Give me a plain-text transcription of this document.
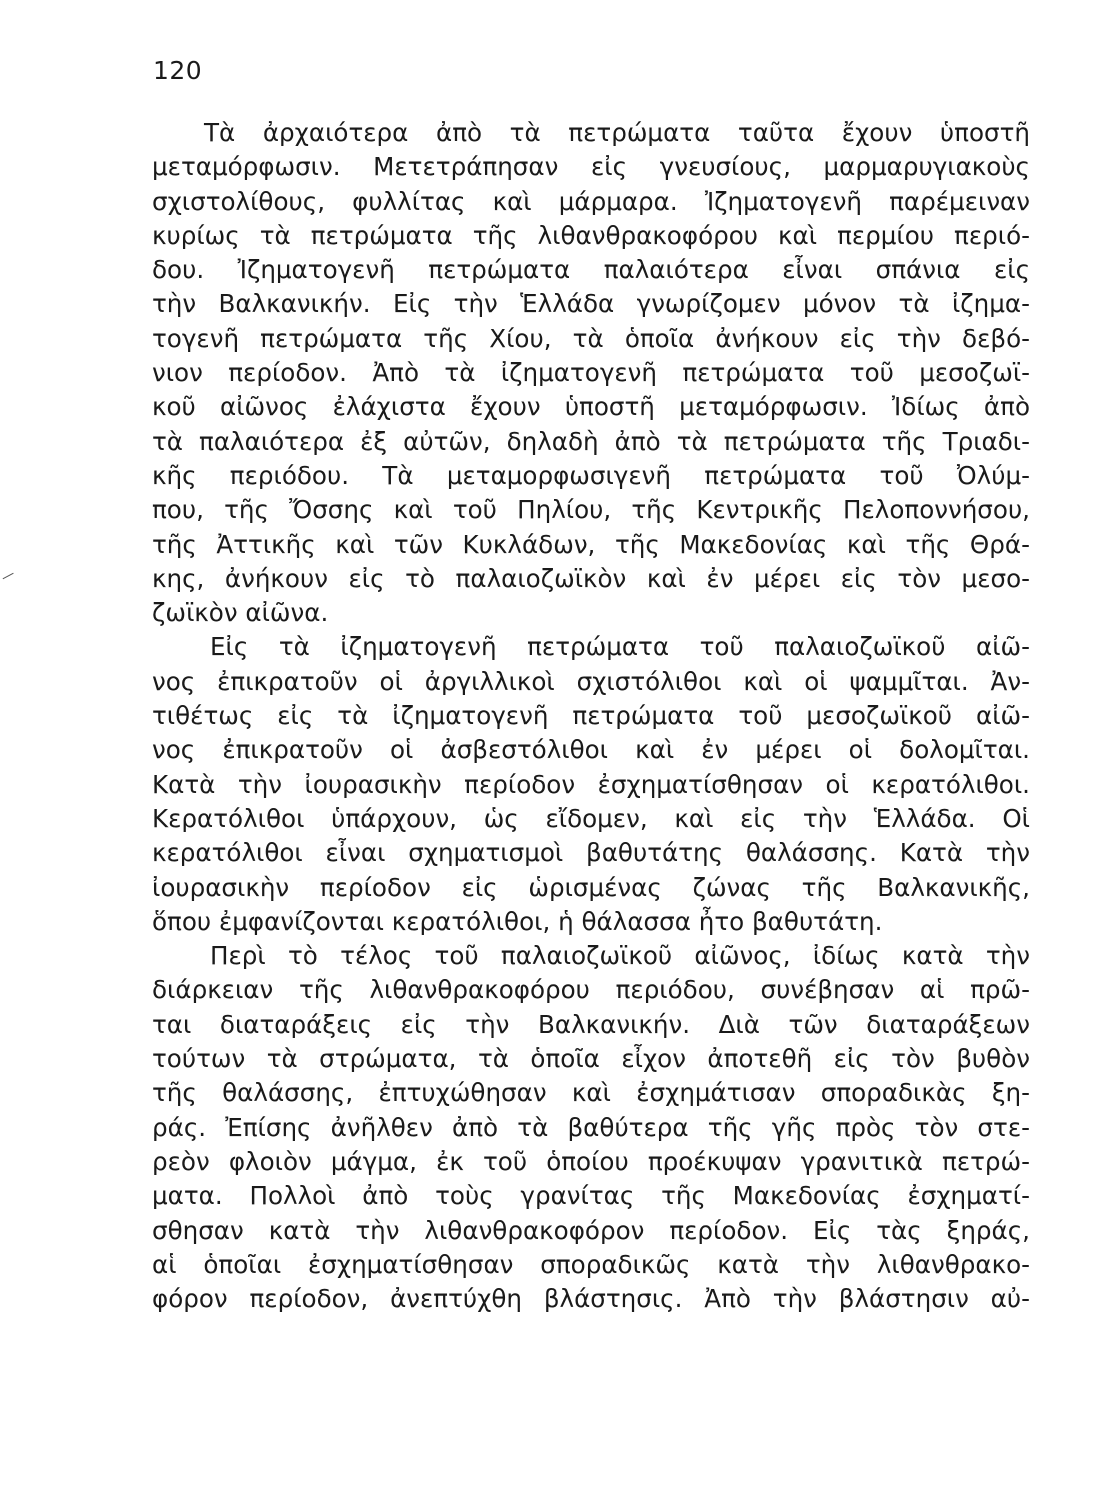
120
Τὰ ἀρχαιότερα ἀπὸ τὰ πετρώματα ταῦτα ἔχουν ὑποστῆ
μεταμόρφωσιν. Μετετράπησαν εἰς γνευσίους, μαρμαρυγιακοὺς
σχιστολίθους, φυλλίτας καὶ μάρμαρα. Ἰζηματογενῆ παρέμειναν
κυρίως τὰ πετρώματα τῆς λιθανθρακοφόρου καὶ περμίου περιό-
δου. Ἰζηματογενῆ πετρώματα παλαιότερα εἶναι σπάνια εἰς
τὴν Βαλκανικήν. Εἰς τὴν Ἑλλάδα γνωρίζομεν μόνον τὰ ἰζημα-
τογενῆ πετρώματα τῆς Χίου, τὰ ὁποῖα ἀνήκουν εἰς τὴν δεβό-
νιον περίοδον. Ἀπὸ τὰ ἰζηματογενῆ πετρώματα τοῦ μεσοζωϊ-
κοῦ αἰῶνος ἐλάχιστα ἔχουν ὑποστῆ μεταμόρφωσιν. Ἰδίως ἀπὸ
τὰ παλαιότερα ἐξ αὐτῶν, δηλαδὴ ἀπὸ τὰ πετρώματα τῆς Τριαδι-
κῆς περιόδου. Τὰ μεταμορφωσιγενῆ πετρώματα τοῦ Ὀλύμ-
που, τῆς Ὄσσης καὶ τοῦ Πηλίου, τῆς Κεντρικῆς Πελοποννήσου,
τῆς Ἀττικῆς καὶ τῶν Κυκλάδων, τῆς Μακεδονίας καὶ τῆς Θρά-
κης, ἀνήκουν εἰς τὸ παλαιοζωϊκὸν καὶ ἐν μέρει εἰς τὸν μεσο-
ζωϊκὸν αἰῶνα.
Εἰς τὰ ἰζηματογενῆ πετρώματα τοῦ παλαιοζωϊκοῦ αἰῶ-
νος ἐπικρατοῦν οἱ ἀργιλλικοὶ σχιστόλιθοι καὶ οἱ ψαμμῖται. Ἀν-
τιθέτως εἰς τὰ ἰζηματογενῆ πετρώματα τοῦ μεσοζωϊκοῦ αἰῶ-
νος ἐπικρατοῦν οἱ ἀσβεστόλιθοι καὶ ἐν μέρει οἱ δολομῖται.
Κατὰ τὴν ἰουρασικὴν περίοδον ἐσχηματίσθησαν οἱ κερατόλιθοι.
Κερατόλιθοι ὑπάρχουν, ὡς εἴδομεν, καὶ εἰς τὴν Ἑλλάδα. Οἱ
κερατόλιθοι εἶναι σχηματισμοὶ βαθυτάτης θαλάσσης. Κατὰ τὴν
ἰουρασικὴν περίοδον εἰς ὡρισμένας ζώνας τῆς Βαλκανικῆς,
ὅπου ἐμφανίζονται κερατόλιθοι, ἡ θάλασσα ἦτο βαθυτάτη.
Περὶ τὸ τέλος τοῦ παλαιοζωϊκοῦ αἰῶνος, ἰδίως κατὰ τὴν
διάρκειαν τῆς λιθανθρακοφόρου περιόδου, συνέβησαν αἱ πρῶ-
ται διαταράξεις εἰς τὴν Βαλκανικήν. Διὰ τῶν διαταράξεων
τούτων τὰ στρώματα, τὰ ὁποῖα εἶχον ἀποτεθῆ εἰς τὸν βυθὸν
τῆς θαλάσσης, ἐπτυχώθησαν καὶ ἐσχημάτισαν σποραδικὰς ξη-
ράς. Ἐπίσης ἀνῆλθεν ἀπὸ τὰ βαθύτερα τῆς γῆς πρὸς τὸν στε-
ρεὸν φλοιὸν μάγμα, ἐκ τοῦ ὁποίου προέκυψαν γρανιτικὰ πετρώ-
ματα. Πολλοὶ ἀπὸ τοὺς γρανίτας τῆς Μακεδονίας ἐσχηματί-
σθησαν κατὰ τὴν λιθανθρακοφόρον περίοδον. Εἰς τὰς ξηράς,
αἱ ὁποῖαι ἐσχηματίσθησαν σποραδικῶς κατὰ τὴν λιθανθρακο-
φόρον περίοδον, ἀνεπτύχθη βλάστησις. Ἀπὸ τὴν βλάστησιν αὐ-
